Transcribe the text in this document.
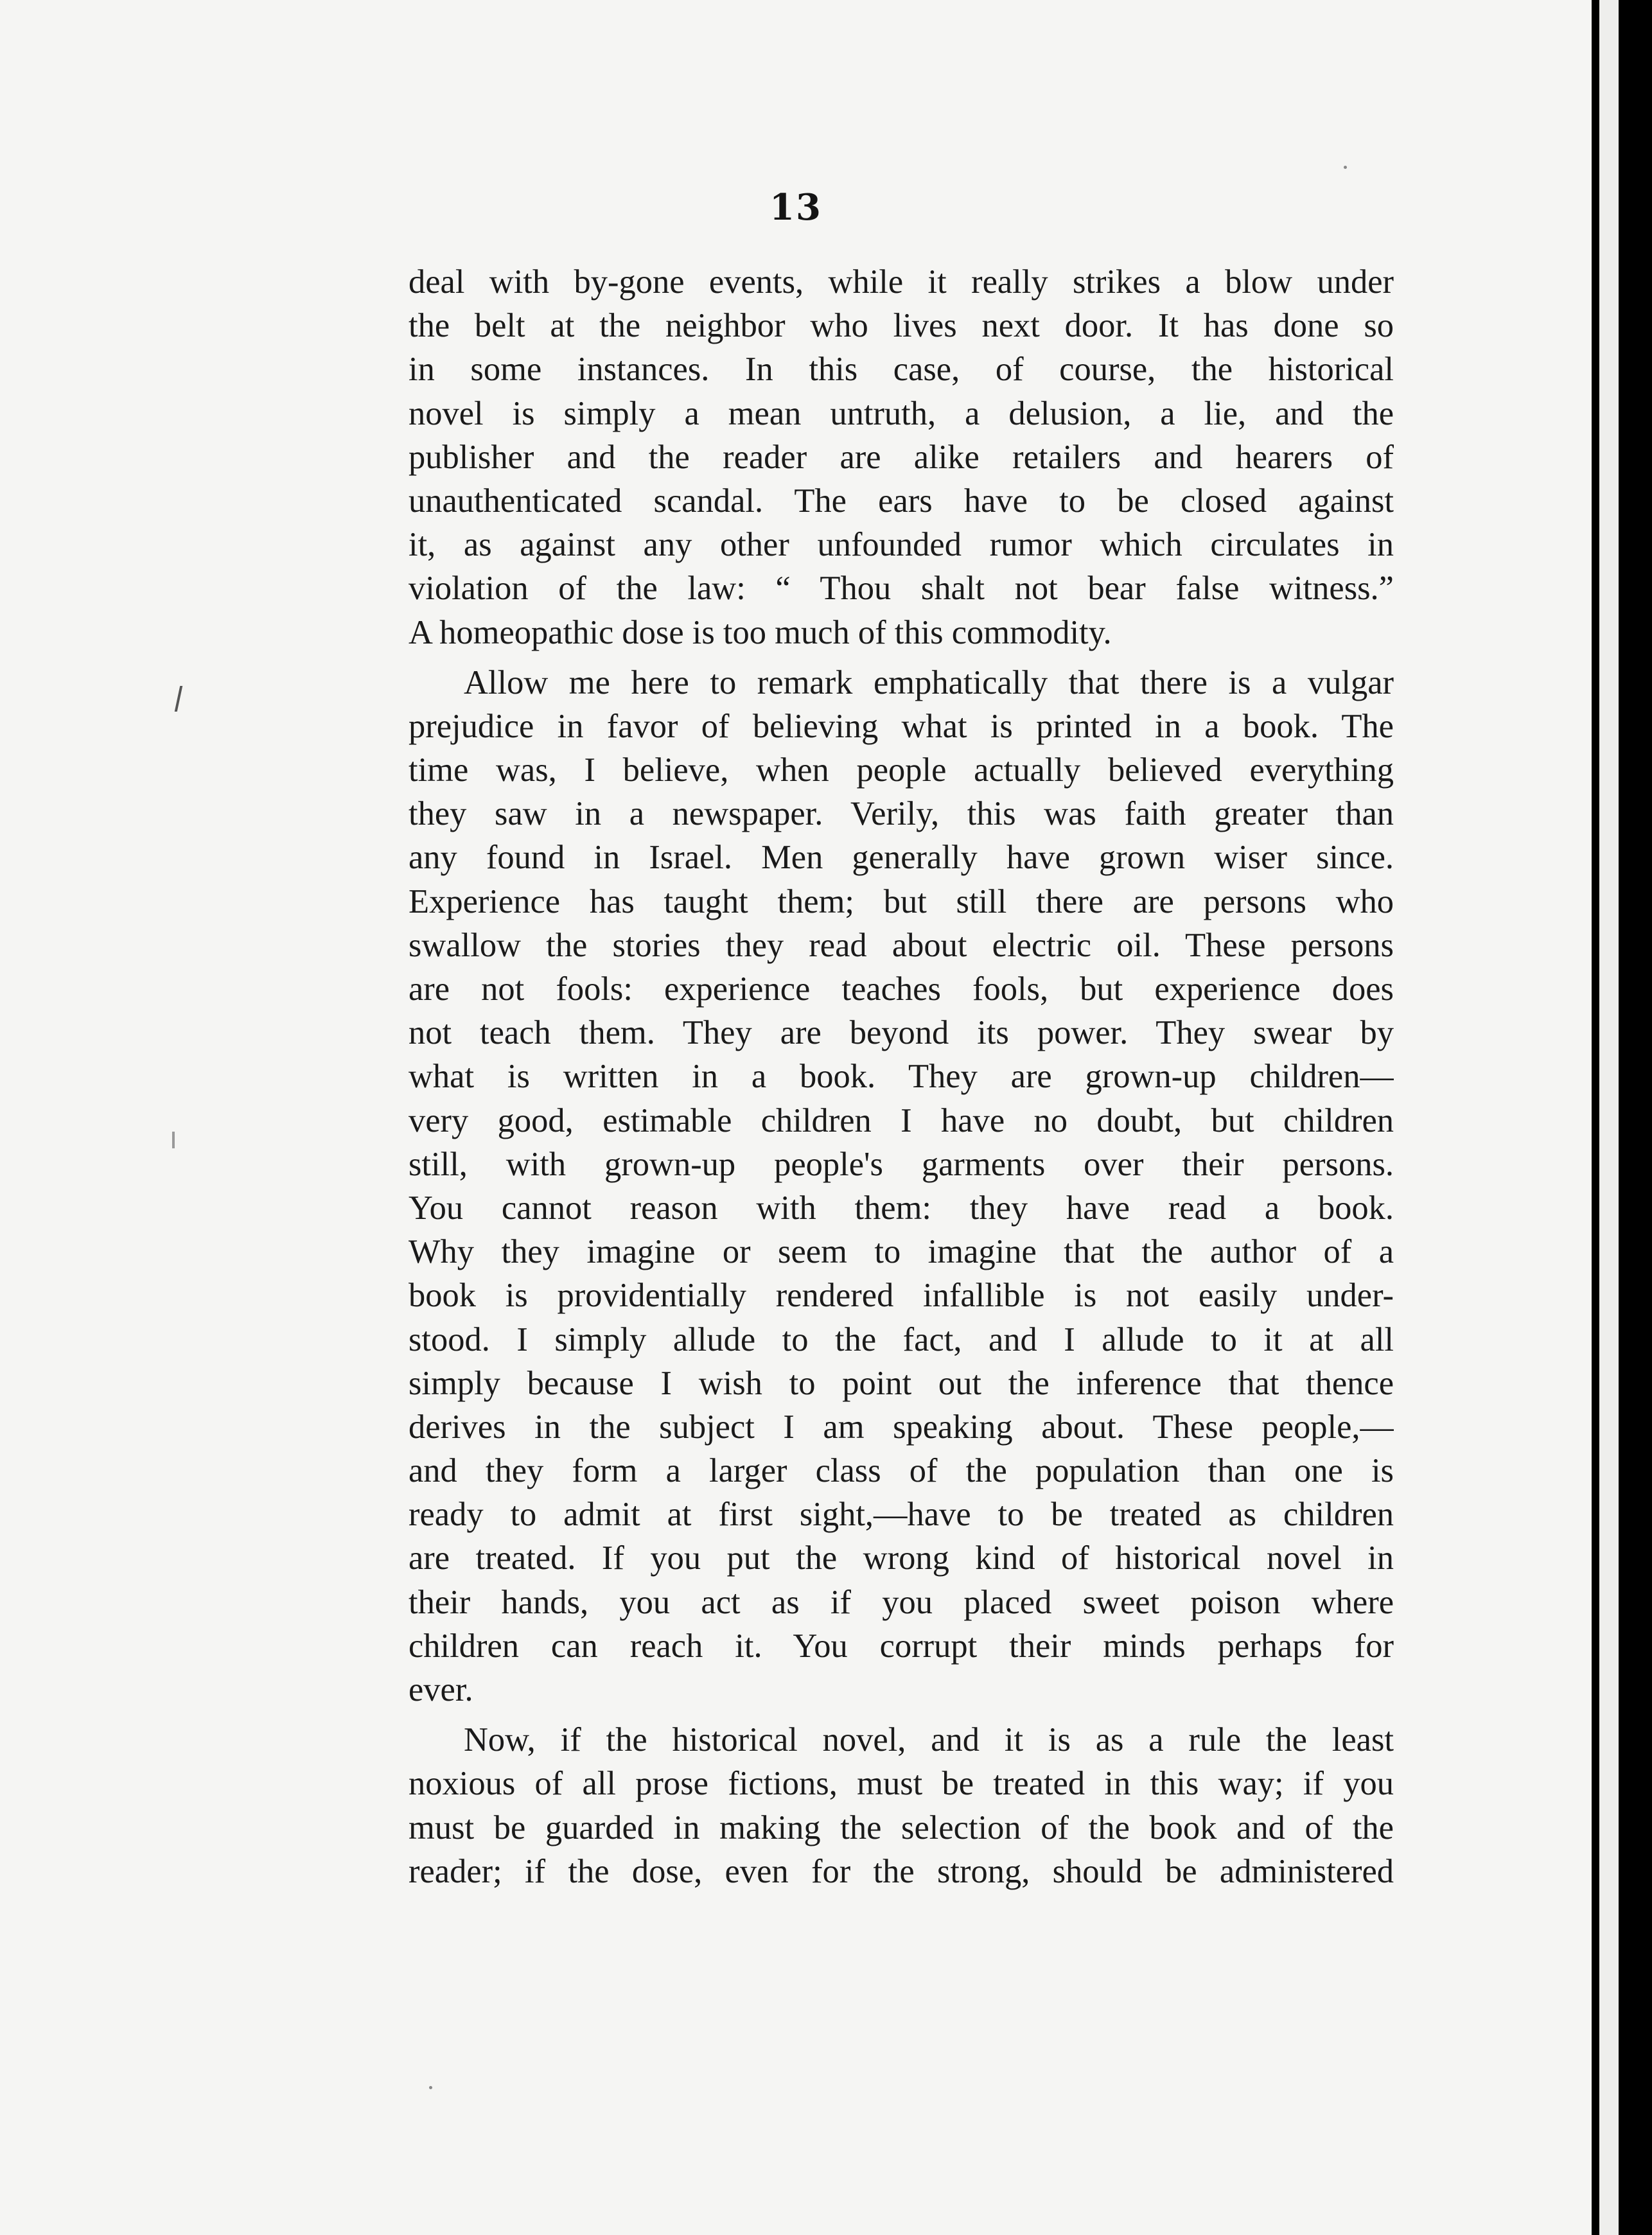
13
deal with by-gone events, while it really strikes a blow under
the belt at the neighbor who lives next door. It has done so
in some instances. In this case, of course, the historical
novel is simply a mean untruth, a delusion, a lie, and the
publisher and the reader are alike retailers and hearers of
unauthenticated scandal. The ears have to be closed against
it, as against any other unfounded rumor which circulates in
violation of the law: “ Thou shalt not bear false witness.”
A homeopathic dose is too much of this commodity.
Allow me here to remark emphatically that there is a vulgar
prejudice in favor of believing what is printed in a book. The
time was, I believe, when people actually believed everything
they saw in a newspaper. Verily, this was faith greater than
any found in Israel. Men generally have grown wiser since.
Experience has taught them; but still there are persons who
swallow the stories they read about electric oil. These persons
are not fools: experience teaches fools, but experience does
not teach them. They are beyond its power. They swear by
what is written in a book. They are grown-up children—
very good, estimable children I have no doubt, but children
still, with grown-up people's garments over their persons.
You cannot reason with them: they have read a book.
Why they imagine or seem to imagine that the author of a
book is providentially rendered infallible is not easily under-
stood. I simply allude to the fact, and I allude to it at all
simply because I wish to point out the inference that thence
derives in the subject I am speaking about. These people,—
and they form a larger class of the population than one is
ready to admit at first sight,—have to be treated as children
are treated. If you put the wrong kind of historical novel in
their hands, you act as if you placed sweet poison where
children can reach it. You corrupt their minds perhaps for
ever.
Now, if the historical novel, and it is as a rule the least
noxious of all prose fictions, must be treated in this way; if you
must be guarded in making the selection of the book and of the
reader; if the dose, even for the strong, should be administered
